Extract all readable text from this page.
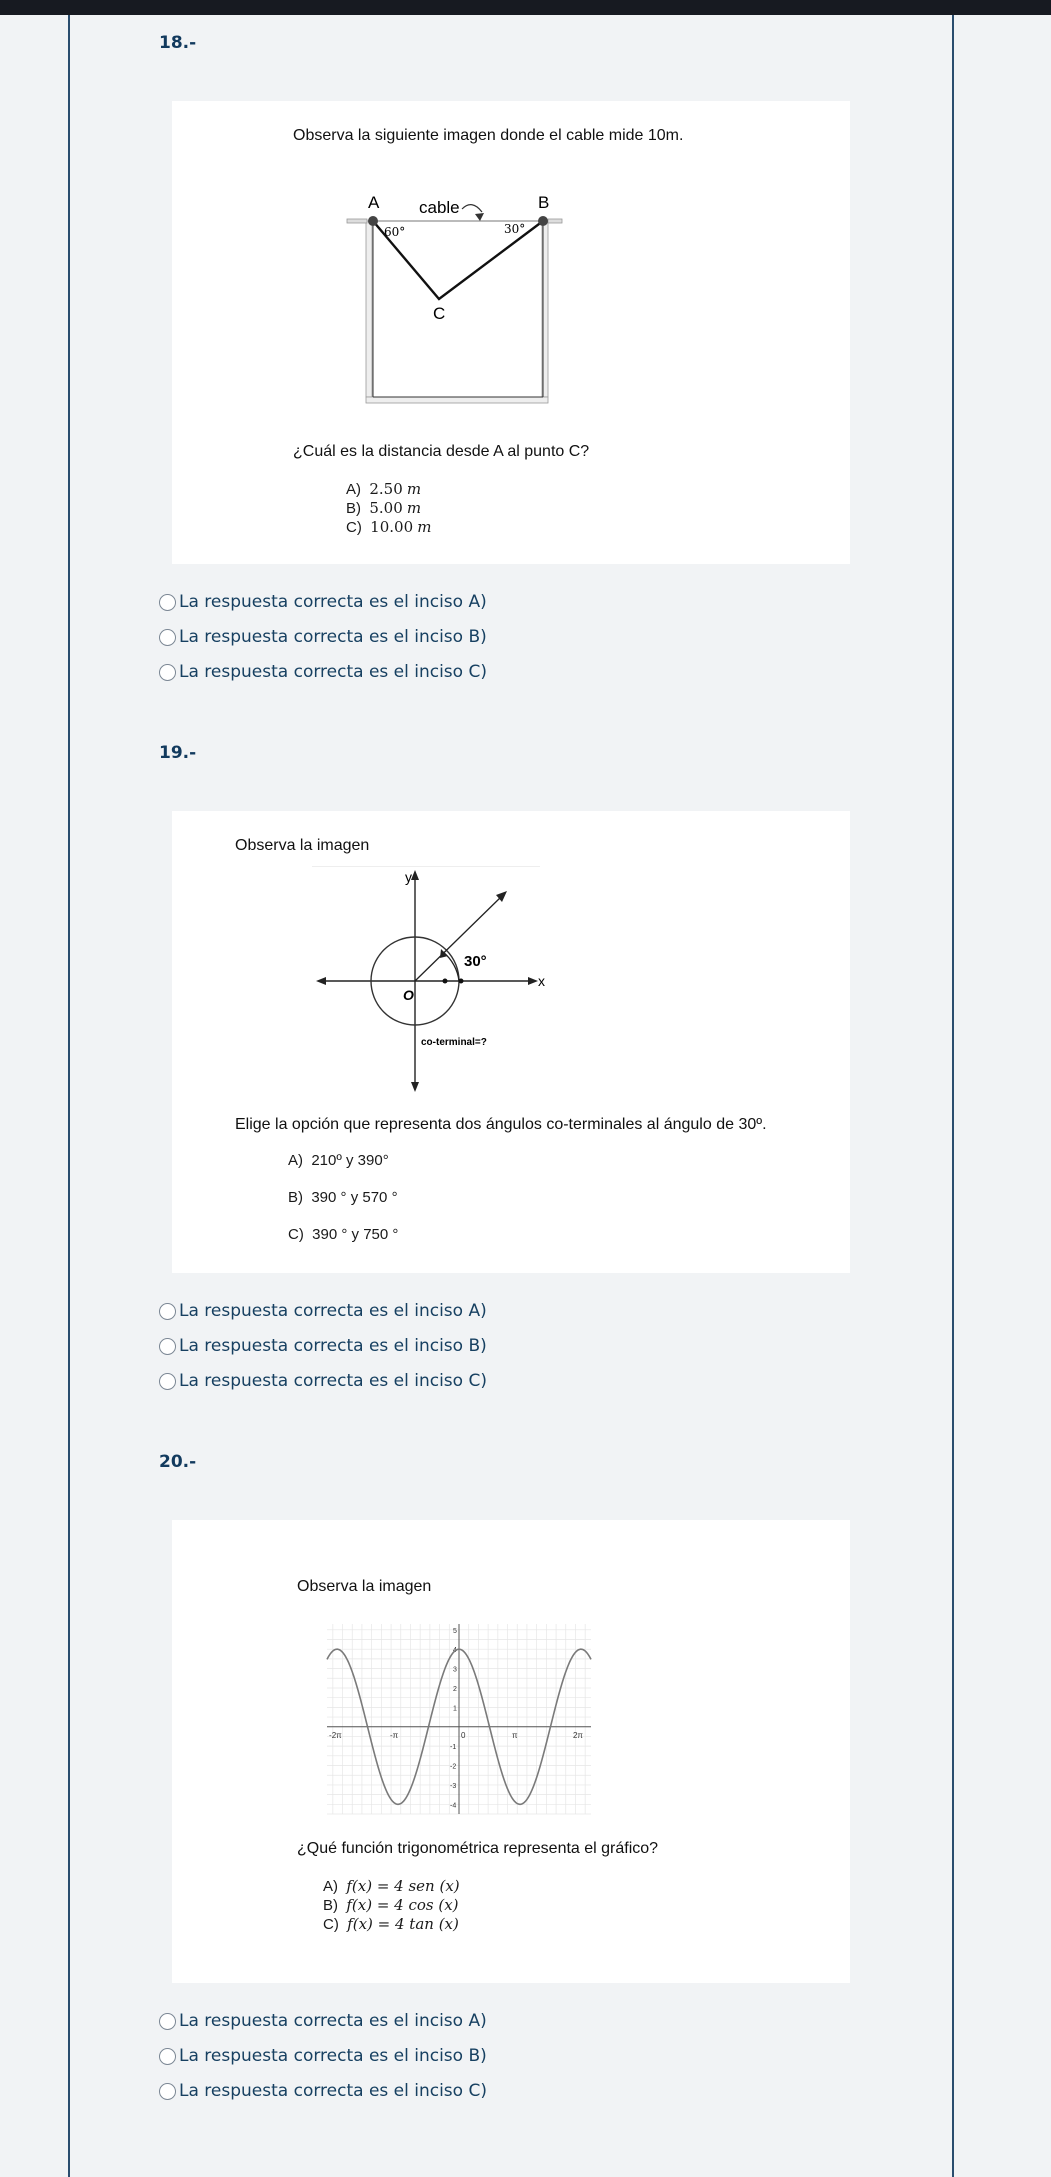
18.-
Observa la siguiente imagen donde el cable mide 10m.
A	B
C
cable
60°	30°
¿Cuál es la distancia desde A al punto C?
A) 2.50 m
B) 5.00 m
C) 10.00 m
La respuesta correcta es el inciso A)
La respuesta correcta es el inciso B)
La respuesta correcta es el inciso C)
19.-
Observa la imagen
x
y
O
30°
co-terminal=?
Elige la opción que representa dos ángulos co-terminales al ángulo de 30º.
A) 210º y 390°
B) 390 ° y 570 °
C) 390 ° y 750 °
La respuesta correcta es el inciso A)
La respuesta correcta es el inciso B)
La respuesta correcta es el inciso C)
20.-
Observa la imagen
-2π	-π	0	π	2π
5
4
3
2
1
-1
-2
-3
-4
¿Qué función trigonométrica representa el gráfico?
A) f(x) = 4 sen (x)
B) f(x) = 4 cos (x)
C) f(x) = 4 tan (x)
La respuesta correcta es el inciso A)
La respuesta correcta es el inciso B)
La respuesta correcta es el inciso C)
